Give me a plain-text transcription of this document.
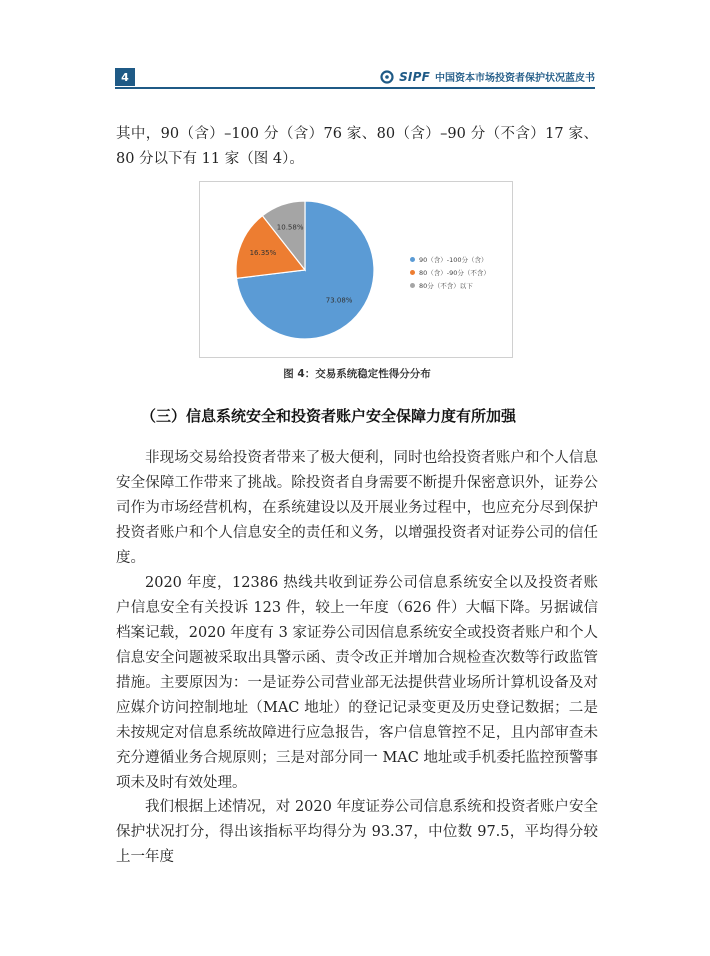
4	SIPF 中国资本市场投资者保护状况蓝皮书
其中，90（含）–100 分（含）76 家、80（含）–90 分（不含）17 家、80 分以下有 11 家（图 4）。
73.08%
16.35%
10.58%
90（含）-100分（含）
80（含）-90分（不含）
80分（不含）以下
图 4：交易系统稳定性得分分布
（三）信息系统安全和投资者账户安全保障力度有所加强
非现场交易给投资者带来了极大便利，同时也给投资者账户和个人信息安全保障工作带来了挑战。除投资者自身需要不断提升保密意识外，证券公司作为市场经营机构，在系统建设以及开展业务过程中，也应充分尽到保护投资者账户和个人信息安全的责任和义务，以增强投资者对证券公司的信任度。
2020 年度，12386 热线共收到证券公司信息系统安全以及投资者账户信息安全有关投诉 123 件，较上一年度（626 件）大幅下降。另据诚信档案记载，2020 年度有 3 家证券公司因信息系统安全或投资者账户和个人信息安全问题被采取出具警示函、责令改正并增加合规检查次数等行政监管措施。主要原因为：一是证券公司营业部无法提供营业场所计算机设备及对应媒介访问控制地址（MAC 地址）的登记记录变更及历史登记数据；二是未按规定对信息系统故障进行应急报告，客户信息管控不足，且内部审查未充分遵循业务合规原则；三是对部分同一 MAC 地址或手机委托监控预警事项未及时有效处理。
我们根据上述情况，对 2020 年度证券公司信息系统和投资者账户安全保护状况打分，得出该指标平均得分为 93.37，中位数 97.5，平均得分较上一年度
